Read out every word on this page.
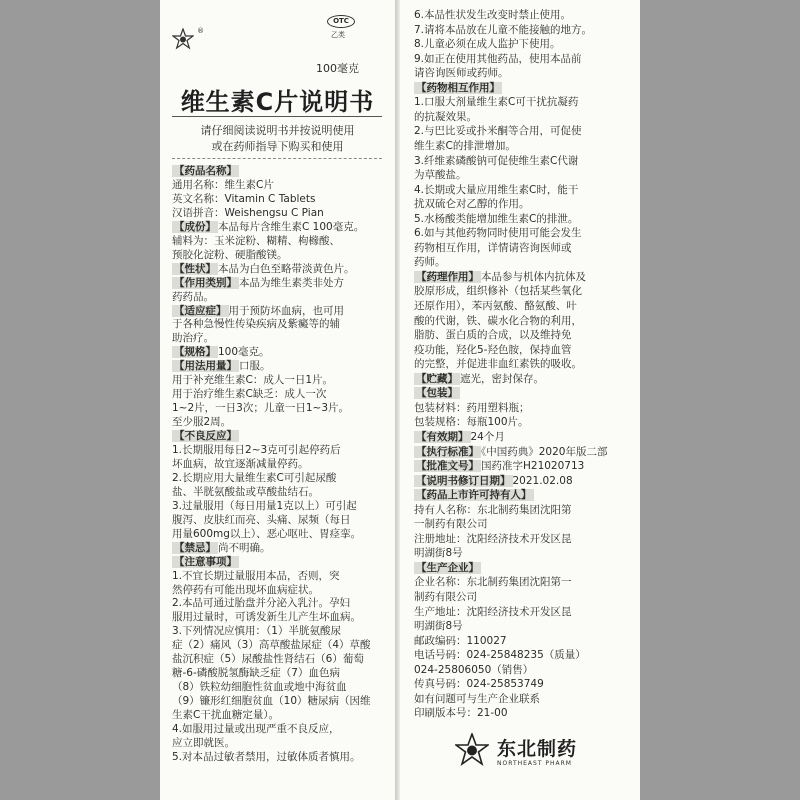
®
OTC
乙类
100毫克
维生素C片说明书
请仔细阅读说明书并按说明使用
或在药师指导下购买和使用
【药品名称】
通用名称：维生素C片
英文名称：Vitamin C Tablets
汉语拼音：Weishengsu C Pian
【成份】 本品每片含维生素C 100毫克。
辅料为：玉米淀粉、糊精、枸橼酸、
预胶化淀粉、硬脂酸镁。
【性状】 本品为白色至略带淡黄色片。
【作用类别】 本品为维生素类非处方
药药品。
【适应症】 用于预防坏血病，也可用
于各种急慢性传染疾病及紫癜等的辅
助治疗。
【规格】 100毫克。
【用法用量】 口服。
用于补充维生素C：成人一日1片。
用于治疗维生素C缺乏：成人一次
1~2片，一日3次；儿童一日1~3片。
至少服2周。
【不良反应】
1.长期服用每日2~3克可引起停药后
坏血病，故宜逐渐减量停药。
2.长期应用大量维生素C可引起尿酸
盐、半胱氨酸盐或草酸盐结石。
3.过量服用（每日用量1克以上）可引起
腹泻、皮肤红而亮、头痛、尿频（每日
用量600mg以上）、恶心呕吐、胃痉挛。
【禁忌】 尚不明确。
【注意事项】
1.不宜长期过量服用本品，否则，突
然停药有可能出现坏血病症状。
2.本品可通过胎盘并分泌入乳汁。孕妇
服用过量时，可诱发新生儿产生坏血病。
3.下列情况应慎用：（1）半胱氨酸尿
症（2）痛风（3）高草酸盐尿症（4）草酸
盐沉积症（5）尿酸盐性肾结石（6）葡萄
糖-6-磷酸脱氢酶缺乏症（7）血色病
（8）铁粒幼细胞性贫血或地中海贫血
（9）镰形红细胞贫血（10）糖尿病（因维
生素C干扰血糖定量）。
4.如服用过量或出现严重不良反应，
应立即就医。
5.对本品过敏者禁用，过敏体质者慎用。
6.本品性状发生改变时禁止使用。
7.请将本品放在儿童不能接触的地方。
8.儿童必须在成人监护下使用。
9.如正在使用其他药品，使用本品前
请咨询医师或药师。
【药物相互作用】
1.口服大剂量维生素C可干扰抗凝药
的抗凝效果。
2.与巴比妥或扑米酮等合用，可促使
维生素C的排泄增加。
3.纤维素磷酸钠可促使维生素C代谢
为草酸盐。
4.长期或大量应用维生素C时，能干
扰双硫仑对乙醇的作用。
5.水杨酸类能增加维生素C的排泄。
6.如与其他药物同时使用可能会发生
药物相互作用，详情请咨询医师或
药师。
【药理作用】 本品参与机体内抗体及
胶原形成，组织修补（包括某些氧化
还原作用），苯丙氨酸、酪氨酸、叶
酸的代谢，铁、碳水化合物的利用，
脂肪、蛋白质的合成，以及维持免
疫功能，羟化5-羟色胺，保持血管
的完整，并促进非血红素铁的吸收。
【贮藏】 遮光，密封保存。
【包装】
包装材料：药用塑料瓶；
包装规格：每瓶100片。
【有效期】 24个月
【执行标准】 《中国药典》2020年版二部
【批准文号】 国药准字H21020713
【说明书修订日期】 2021.02.08
【药品上市许可持有人】
持有人名称：东北制药集团沈阳第
一制药有限公司
注册地址：沈阳经济技术开发区昆
明湖街8号
【生产企业】
企业名称：东北制药集团沈阳第一
制药有限公司
生产地址：沈阳经济技术开发区昆
明湖街8号
邮政编码：110027
电话号码：024-25848235（质量）
024-25806050（销售）
传真号码：024-25853749
如有问题可与生产企业联系
印刷版本号：21-00
东北制药
NORTHEAST PHARM
